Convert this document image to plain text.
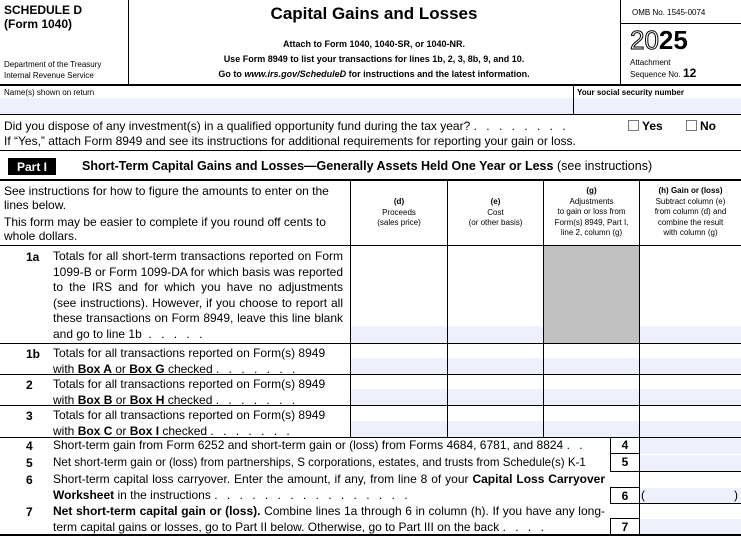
SCHEDULE D
(Form 1040)
Department of the Treasury
Internal Revenue Service
Capital Gains and Losses
Attach to Form 1040, 1040-SR, or 1040-NR.
Use Form 8949 to list your transactions for lines 1b, 2, 3, 8b, 9, and 10.
Go to www.irs.gov/ScheduleD for instructions and the latest information.
OMB No. 1545-0074
2025
Attachment
Sequence No. 12
Name(s) shown on return	Your social security number
Did you dispose of any investment(s) in a qualified opportunity fund during the tax year? . . . . . . . .	Yes	No
If “Yes,” attach Form 8949 and see its instructions for additional requirements for reporting your gain or loss.
Part I	Short-Term Capital Gains and Losses—Generally Assets Held One Year or Less (see instructions)
See instructions for how to figure the amounts to enter on the lines below.
This form may be easier to complete if you round off cents to whole dollars.
(d)
Proceeds
(sales price)
(e)
Cost
(or other basis)
(g)
Adjustments
to gain or loss from
Form(s) 8949, Part I,
line 2, column (g)
(h) Gain or (loss)
Subtract column (e)
from column (d) and
combine the result
with column (g)
1a Totals for all short-term transactions reported on Form 1099-B or Form 1099-DA for which basis was reported to the IRS and for which you have no adjustments (see instructions). However, if you choose to report all these transactions on Form 8949, leave this line blank and go to line 1b . . . . .
1b Totals for all transactions reported on Form(s) 8949
with Box A or Box G checked . . . . . . .
2 Totals for all transactions reported on Form(s) 8949
with Box B or Box H checked . . . . . . .
3 Totals for all transactions reported on Form(s) 8949
with Box C or Box I checked . . . . . . .
4 Short-term gain from Form 6252 and short-term gain or (loss) from Forms 4684, 6781, and 8824 . .	4
5 Net short-term gain or (loss) from partnerships, S corporations, estates, and trusts from Schedule(s) K-1	5
6 Short-term capital loss carryover. Enter the amount, if any, from line 8 of your Capital Loss Carryover Worksheet in the instructions . . . . . . . . . . . . . . . .	6	(	)
7 Net short-term capital gain or (loss). Combine lines 1a through 6 in column (h). If you have any long-term capital gains or losses, go to Part II below. Otherwise, go to Part III on the back . . . .	7
